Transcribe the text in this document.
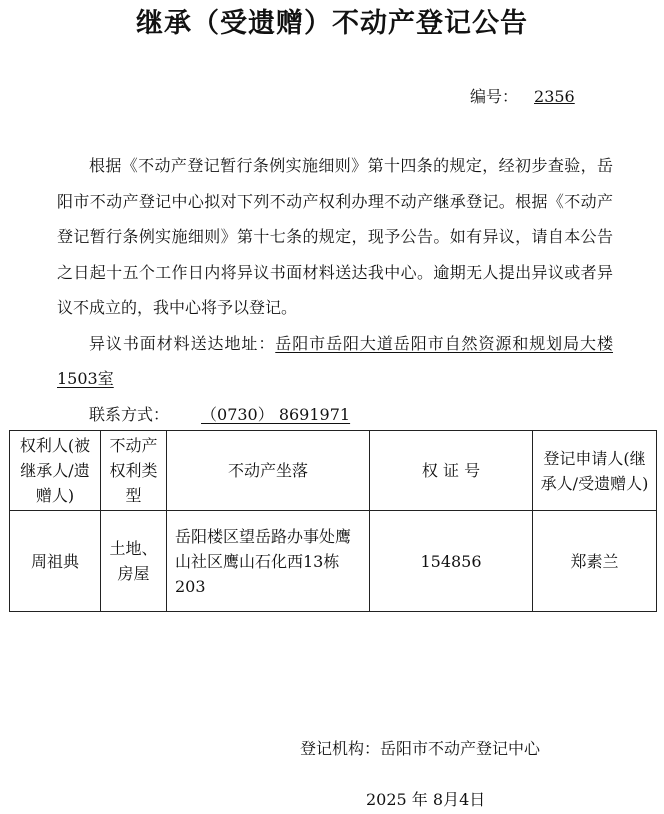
继承（受遗赠）不动产登记公告
编号： 2356

根据《不动产登记暂行条例实施细则》第十四条的规定，经初步查验，岳阳市不动产登记中心拟对下列不动产权利办理不动产继承登记。根据《不动产登记暂行条例实施细则》第十七条的规定，现予公告。如有异议，请自本公告之日起十五个工作日内将异议书面材料送达我中心。逾期无人提出异议或者异议不成立的，我中心将予以登记。

异议书面材料送达地址：岳阳市岳阳大道岳阳市自然资源和规划局大楼1503室

联系方式： （0730） 8691971

权利人(被继承人/遗赠人)	不动产权利类型	不动产坐落	权 证 号	登记申请人(继承人/受遗赠人)
周祖典	土地、房屋	岳阳楼区望岳路办事处鹰山社区鹰山石化西13栋203	154856	郑素兰
登记机构：岳阳市不动产登记中心
2025 年 8月4日
